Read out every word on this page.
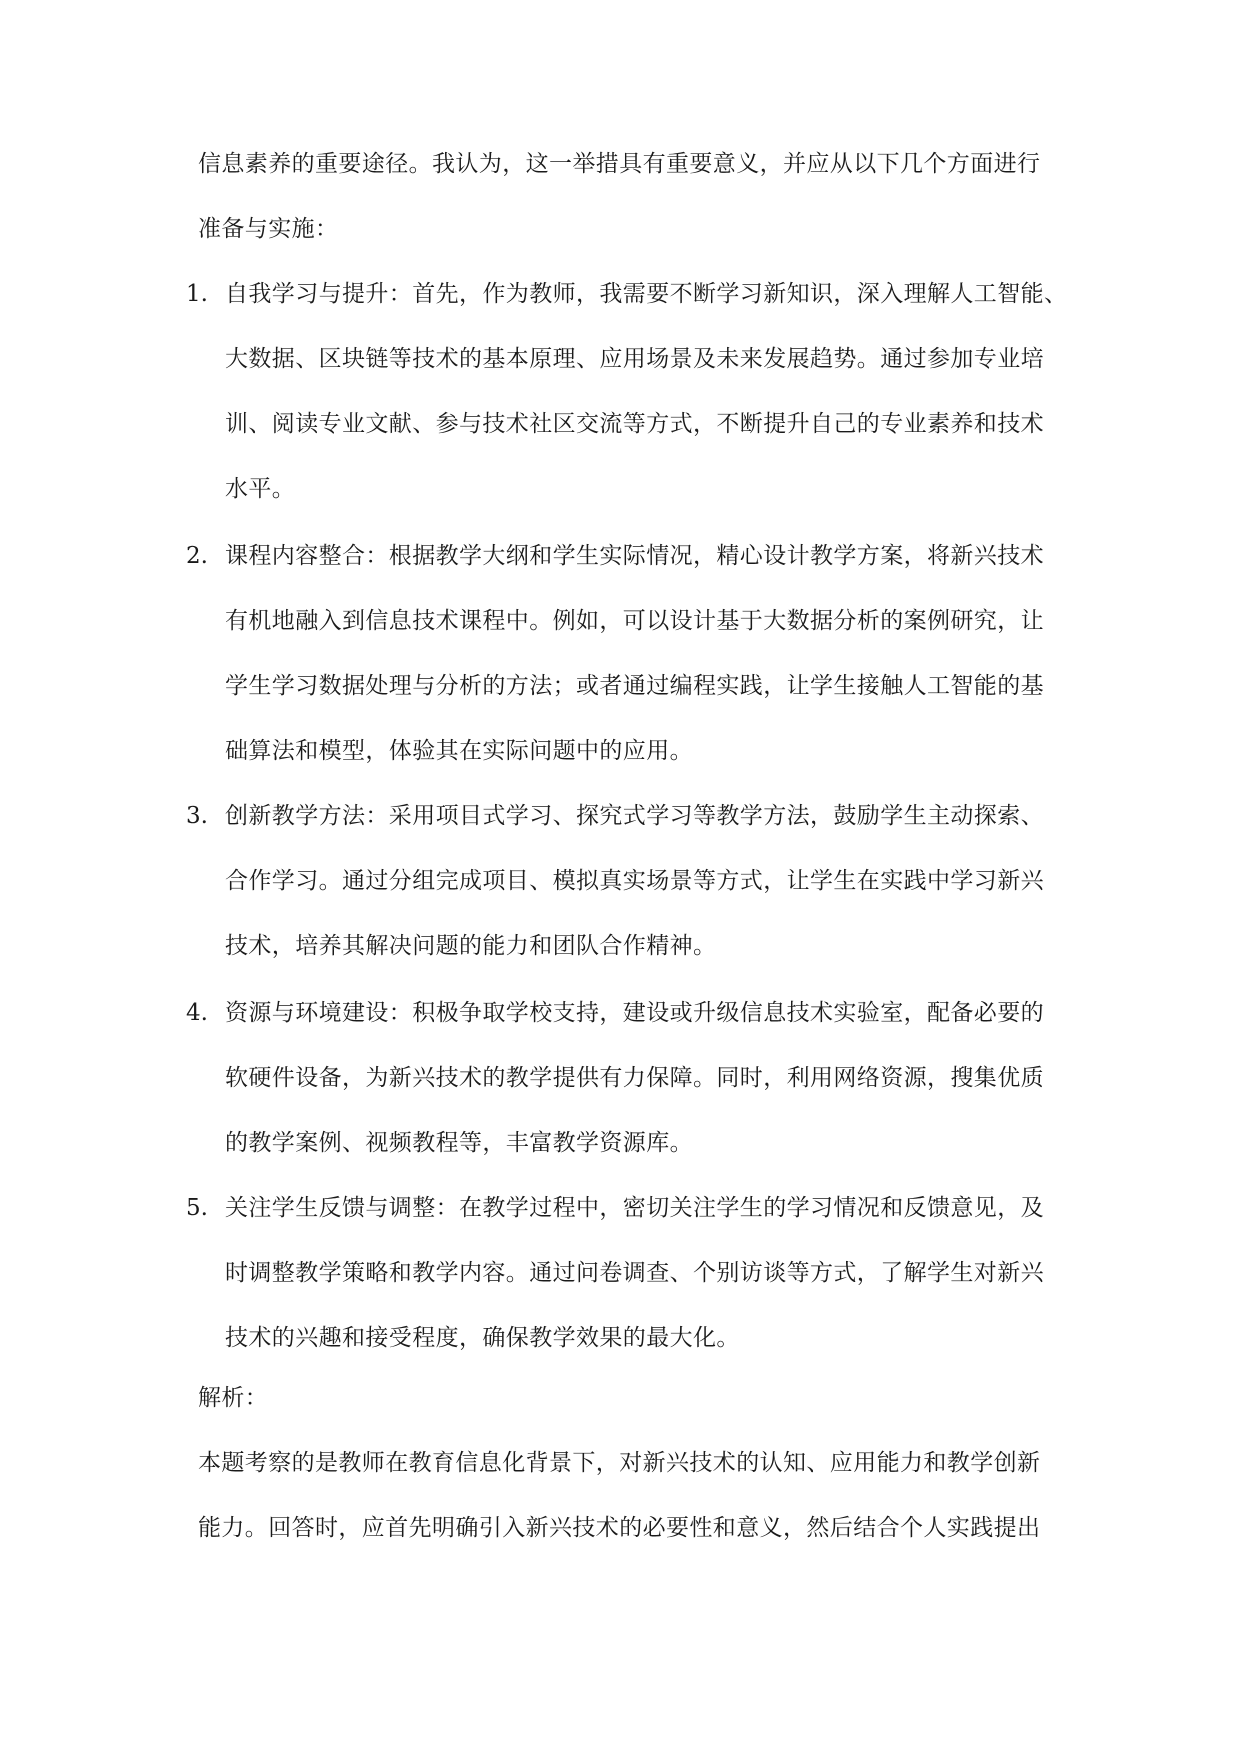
信息素养的重要途径。我认为，这一举措具有重要意义，并应从以下几个方面进行
准备与实施：
1. 自我学习与提升：首先，作为教师，我需要不断学习新知识，深入理解人工智能、
大数据、区块链等技术的基本原理、应用场景及未来发展趋势。通过参加专业培
训、阅读专业文献、参与技术社区交流等方式，不断提升自己的专业素养和技术
水平。
2. 课程内容整合：根据教学大纲和学生实际情况，精心设计教学方案，将新兴技术
有机地融入到信息技术课程中。例如，可以设计基于大数据分析的案例研究，让
学生学习数据处理与分析的方法；或者通过编程实践，让学生接触人工智能的基
础算法和模型，体验其在实际问题中的应用。
3. 创新教学方法：采用项目式学习、探究式学习等教学方法，鼓励学生主动探索、
合作学习。通过分组完成项目、模拟真实场景等方式，让学生在实践中学习新兴
技术，培养其解决问题的能力和团队合作精神。
4. 资源与环境建设：积极争取学校支持，建设或升级信息技术实验室，配备必要的
软硬件设备，为新兴技术的教学提供有力保障。同时，利用网络资源，搜集优质
的教学案例、视频教程等，丰富教学资源库。
5. 关注学生反馈与调整：在教学过程中，密切关注学生的学习情况和反馈意见，及
时调整教学策略和教学内容。通过问卷调查、个别访谈等方式，了解学生对新兴
技术的兴趣和接受程度，确保教学效果的最大化。
解析：
本题考察的是教师在教育信息化背景下，对新兴技术的认知、应用能力和教学创新
能力。回答时，应首先明确引入新兴技术的必要性和意义，然后结合个人实践提出
